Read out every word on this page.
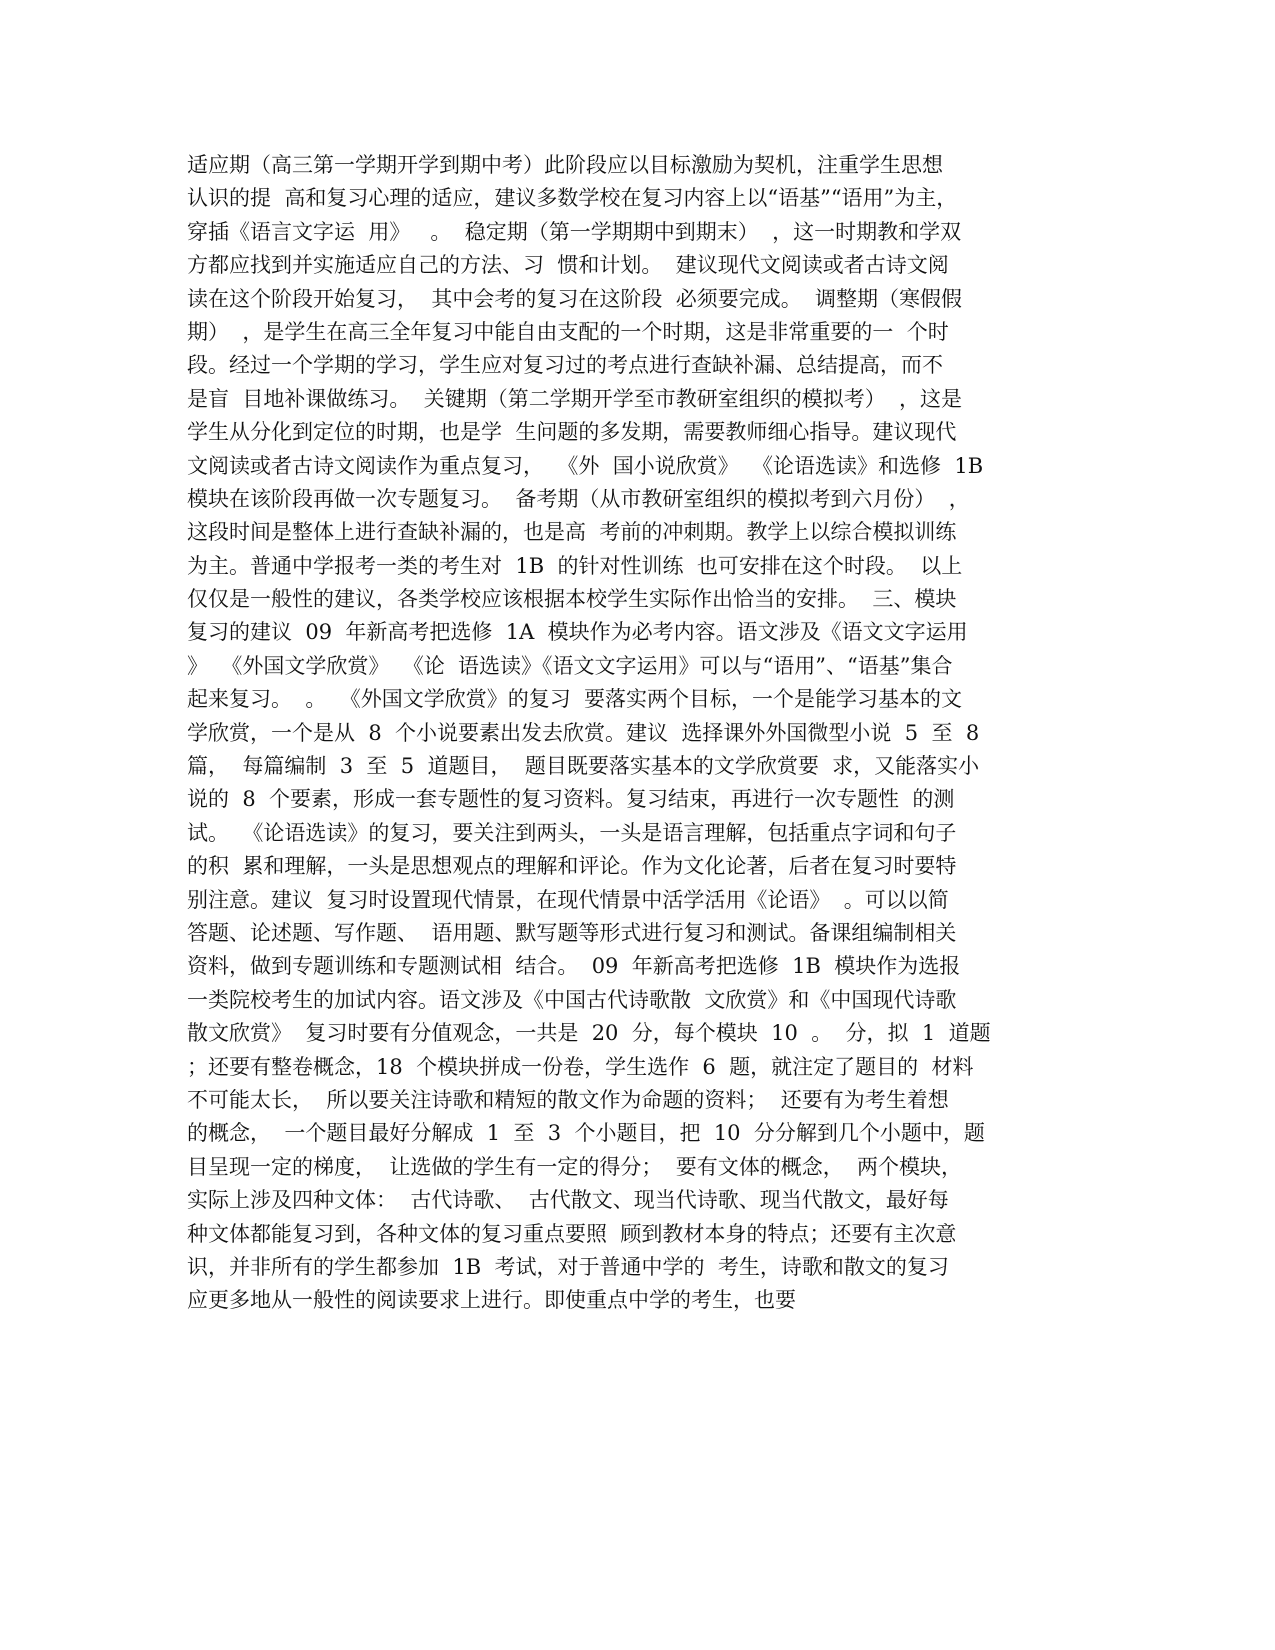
适应期（高三第一学期开学到期中考）此阶段应以目标激励为契机，注重学生思想
认识的提  高和复习心理的适应，建议多数学校在复习内容上以“语基”“语用”为主，
穿插《语言文字运  用》   。  稳定期（第一学期期中到期末）  ，这一时期教和学双
方都应找到并实施适应自己的方法、习  惯和计划。  建议现代文阅读或者古诗文阅
读在这个阶段开始复习，  其中会考的复习在这阶段  必须要完成。  调整期（寒假假
期）  ，是学生在高三全年复习中能自由支配的一个时期，这是非常重要的一  个时
段。经过一个学期的学习，学生应对复习过的考点进行查缺补漏、总结提高，而不
是盲  目地补课做练习。  关键期（第二学期开学至市教研室组织的模拟考）  ，这是
学生从分化到定位的时期，也是学  生问题的多发期，需要教师细心指导。建议现代
文阅读或者古诗文阅读作为重点复习，  《外  国小说欣赏》  《论语选读》和选修  1B
模块在该阶段再做一次专题复习。  备考期（从市教研室组织的模拟考到六月份）  ，
这段时间是整体上进行查缺补漏的，也是高  考前的冲刺期。教学上以综合模拟训练
为主。普通中学报考一类的考生对  1B  的针对性训练  也可安排在这个时段。  以上
仅仅是一般性的建议，各类学校应该根据本校学生实际作出恰当的安排。  三、模块
复习的建议  09  年新高考把选修  1A  模块作为必考内容。语文涉及《语文文字运用
》  《外国文学欣赏》  《论  语选读》《语文文字运用》可以与“语用”、“语基”集合
起来复习。  。  《外国文学欣赏》的复习  要落实两个目标，一个是能学习基本的文
学欣赏，一个是从  8  个小说要素出发去欣赏。建议  选择课外外国微型小说  5  至  8
篇，  每篇编制  3  至  5  道题目，  题目既要落实基本的文学欣赏要  求，又能落实小
说的  8  个要素，形成一套专题性的复习资料。复习结束，再进行一次专题性  的测
试。  《论语选读》的复习，要关注到两头，一头是语言理解，包括重点字词和句子
的积  累和理解，一头是思想观点的理解和评论。作为文化论著，后者在复习时要特
别注意。建议  复习时设置现代情景，在现代情景中活学活用《论语》  。可以以简
答题、论述题、写作题、  语用题、默写题等形式进行复习和测试。备课组编制相关
资料，做到专题训练和专题测试相  结合。  09  年新高考把选修  1B  模块作为选报
一类院校考生的加试内容。语文涉及《中国古代诗歌散  文欣赏》和《中国现代诗歌
散文欣赏》  复习时要有分值观念，一共是  20  分，每个模块  10  。  分，拟  1  道题
；还要有整卷概念，18  个模块拼成一份卷，学生选作  6  题，就注定了题目的  材料
不可能太长，  所以要关注诗歌和精短的散文作为命题的资料；  还要有为考生着想
的概念，  一个题目最好分解成  1  至  3  个小题目，把  10  分分解到几个小题中，题
目呈现一定的梯度，  让选做的学生有一定的得分；  要有文体的概念，  两个模块，
实际上涉及四种文体：  古代诗歌、  古代散文、现当代诗歌、现当代散文，最好每
种文体都能复习到，各种文体的复习重点要照  顾到教材本身的特点；还要有主次意
识，并非所有的学生都参加  1B  考试，对于普通中学的  考生，诗歌和散文的复习
应更多地从一般性的阅读要求上进行。即使重点中学的考生，也要
